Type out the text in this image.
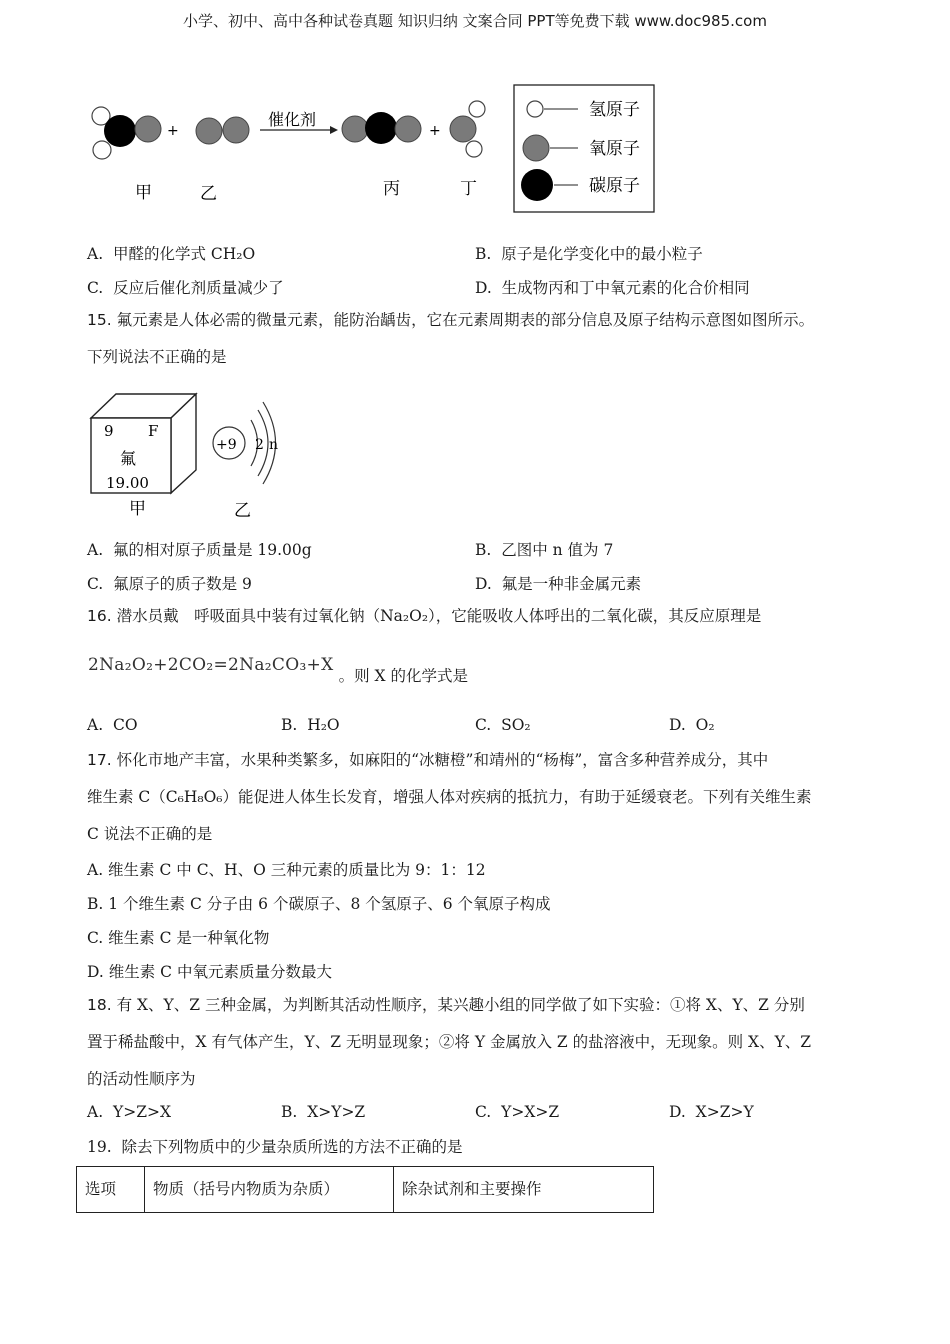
小学、初中、高中各种试卷真题 知识归纳 文案合同 PPT等免费下载 www.doc985.com
+
催化剂
+
甲	乙	丙	丁
氢原子
氧原子
碳原子
A. 甲醛的化学式 CH₂O	B. 原子是化学变化中的最小粒子
C. 反应后催化剂质量减少了	D. 生成物丙和丁中氧元素的化合价相同
15. 氟元素是人体必需的微量元素，能防治龋齿，它在元素周期表的部分信息及原子结构示意图如图所示。
下列说法不正确的是
9 F
氟
19.00
甲
+9 2 n
乙
A. 氟的相对原子质量是 19.00g	B. 乙图中 n 值为 7
C. 氟原子的质子数是 9	D. 氟是一种非金属元素
16. 潜水员戴　呼吸面具中装有过氧化钠（Na₂O₂），它能吸收人体呼出的二氧化碳，其反应原理是
2Na₂O₂+2CO₂=2Na₂CO₃+X 。则 X 的化学式是
A. CO	B. H₂O	C. SO₂	D. O₂
17. 怀化市地产丰富，水果种类繁多，如麻阳的“冰糖橙”和靖州的“杨梅”，富含多种营养成分，其中
维生素 C（C₆H₈O₆）能促进人体生长发育，增强人体对疾病的抵抗力，有助于延缓衰老。下列有关维生素
C 说法不正确的是
A. 维生素 C 中 C、H、O 三种元素的质量比为 9：1：12
B. 1 个维生素 C 分子由 6 个碳原子、8 个氢原子、6 个氧原子构成
C. 维生素 C 是一种氧化物
D. 维生素 C 中氧元素质量分数最大
18. 有 X、Y、Z 三种金属，为判断其活动性顺序，某兴趣小组的同学做了如下实验：①将 X、Y、Z 分别
置于稀盐酸中，X 有气体产生，Y、Z 无明显现象；②将 Y 金属放入 Z 的盐溶液中，无现象。则 X、Y、Z
的活动性顺序为
A. Y>Z>X	B. X>Y>Z	C. Y>X>Z	D. X>Z>Y
19. 除去下列物质中的少量杂质所选的方法不正确的是
选项	物质（括号内物质为杂质）	除杂试剂和主要操作
